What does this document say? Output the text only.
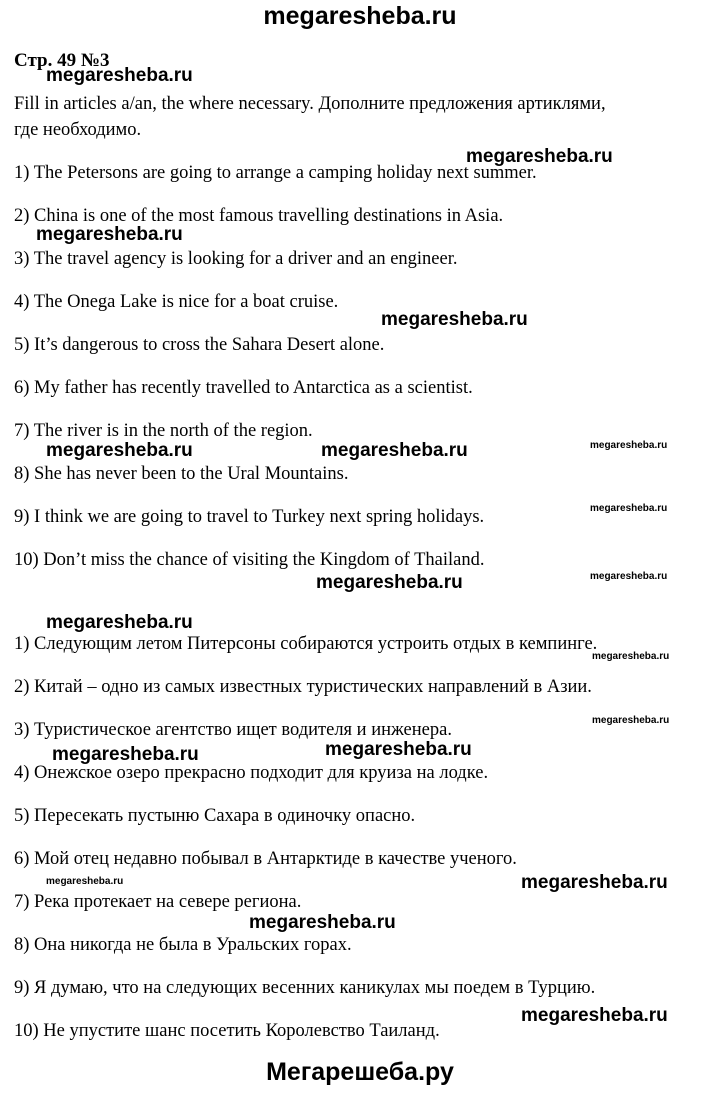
megaresheba.ru
Стр. 49 №3
Fill in articles a/an, the where necessary. Дополните предложения артиклями,
где необходимо.
1) The Petersons are going to arrange a camping holiday next summer.
2) China is one of the most famous travelling destinations in Asia.
3) The travel agency is looking for a driver and an engineer.
4) The Onega Lake is nice for a boat cruise.
5) It’s dangerous to cross the Sahara Desert alone.
6) My father has recently travelled to Antarctica as a scientist.
7) The river is in the north of the region.
8) She has never been to the Ural Mountains.
9) I think we are going to travel to Turkey next spring holidays.
10) Don’t miss the chance of visiting the Kingdom of Thailand.
1) Следующим летом Питерсоны собираются устроить отдых в кемпинге.
2) Китай – одно из самых известных туристических направлений в Азии.
3) Туристическое агентство ищет водителя и инженера.
4) Онежское озеро прекрасно подходит для круиза на лодке.
5) Пересекать пустыню Сахара в одиночку опасно.
6) Мой отец недавно побывал в Антарктиде в качестве ученого.
7) Река протекает на севере региона.
8) Она никогда не была в Уральских горах.
9) Я думаю, что на следующих весенних каникулах мы поедем в Турцию.
10) Не упустите шанс посетить Королевство Таиланд.
megaresheba.ru
megaresheba.ru
megaresheba.ru
megaresheba.ru
megaresheba.ru	megaresheba.ru
megaresheba.ru
megaresheba.ru
megaresheba.ru	megaresheba.ru
megaresheba.ru
megaresheba.ru
megaresheba.ru
megaresheba.ru
megaresheba.ru
megaresheba.ru
megaresheba.ru
megaresheba.ru
megaresheba.ru
Мегарешеба.ру
